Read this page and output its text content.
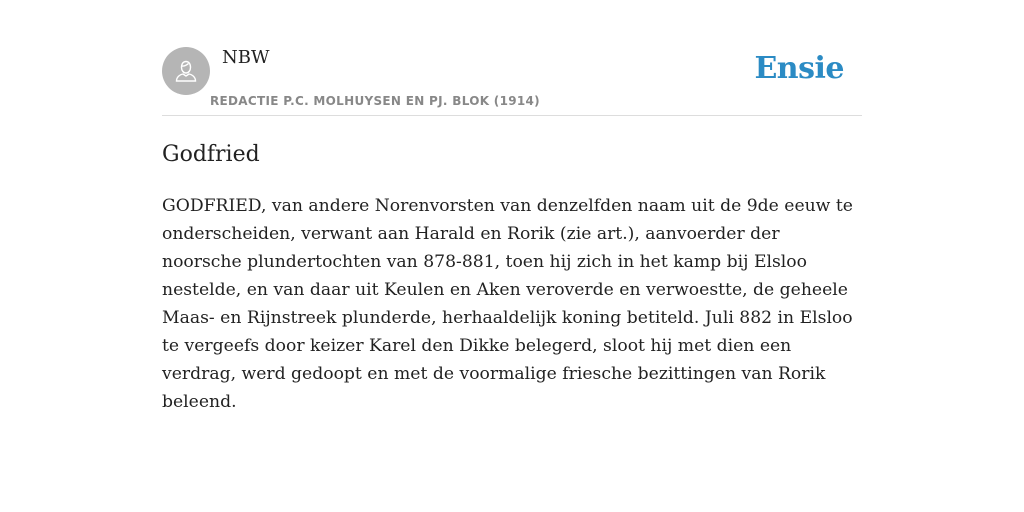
NBW
REDACTIE P.C. MOLHUYSEN EN PJ. BLOK (1914)
Ensie
Godfried

GODFRIED, van andere Norenvorsten van denzelfden naam uit de 9de eeuw te onderscheiden, verwant aan Harald en Rorik (zie art.), aanvoerder der noorsche plundertochten van 878-881, toen hij zich in het kamp bij Elsloo nestelde, en van daar uit Keulen en Aken veroverde en verwoestte, de geheele Maas- en Rijnstreek plunderde, herhaaldelijk koning betiteld. Juli 882 in Elsloo te vergeefs door keizer Karel den Dikke belegerd, sloot hij met dien een verdrag, werd gedoopt en met de voormalige friesche bezittingen van Rorik beleend.
